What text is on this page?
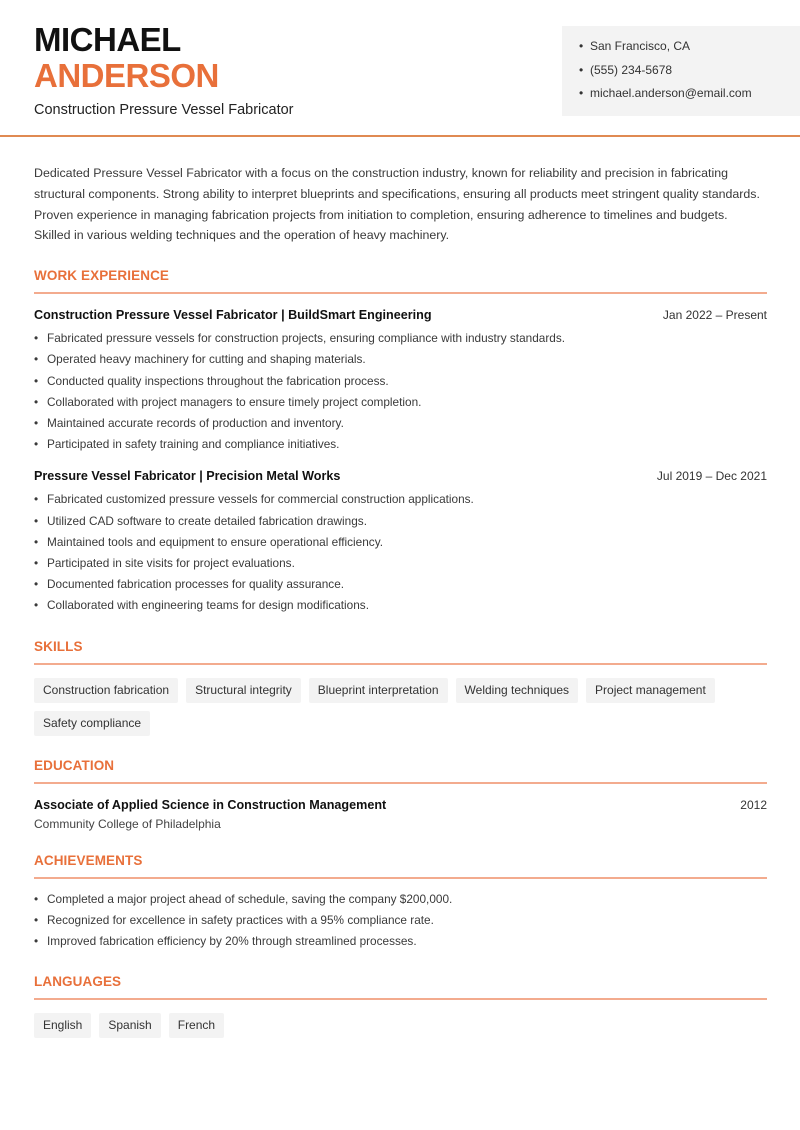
MICHAEL
ANDERSON
Construction Pressure Vessel Fabricator
• San Francisco, CA
• (555) 234-5678
• michael.anderson@email.com

Dedicated Pressure Vessel Fabricator with a focus on the construction industry, known for reliability and precision in fabricating structural components. Strong ability to interpret blueprints and specifications, ensuring all products meet stringent quality standards. Proven experience in managing fabrication projects from initiation to completion, ensuring adherence to timelines and budgets. Skilled in various welding techniques and the operation of heavy machinery.

WORK EXPERIENCE
Construction Pressure Vessel Fabricator | BuildSmart Engineering	Jan 2022 – Present
• Fabricated pressure vessels for construction projects, ensuring compliance with industry standards.
• Operated heavy machinery for cutting and shaping materials.
• Conducted quality inspections throughout the fabrication process.
• Collaborated with project managers to ensure timely project completion.
• Maintained accurate records of production and inventory.
• Participated in safety training and compliance initiatives.
Pressure Vessel Fabricator | Precision Metal Works	Jul 2019 – Dec 2021
• Fabricated customized pressure vessels for commercial construction applications.
• Utilized CAD software to create detailed fabrication drawings.
• Maintained tools and equipment to ensure operational efficiency.
• Participated in site visits for project evaluations.
• Documented fabrication processes for quality assurance.
• Collaborated with engineering teams for design modifications.
SKILLS
Construction fabrication	Structural integrity	Blueprint interpretation	Welding techniques	Project management
Safety compliance
EDUCATION
Associate of Applied Science in Construction Management	2012
Community College of Philadelphia
ACHIEVEMENTS
• Completed a major project ahead of schedule, saving the company $200,000.
• Recognized for excellence in safety practices with a 95% compliance rate.
• Improved fabrication efficiency by 20% through streamlined processes.
LANGUAGES
English	Spanish	French
